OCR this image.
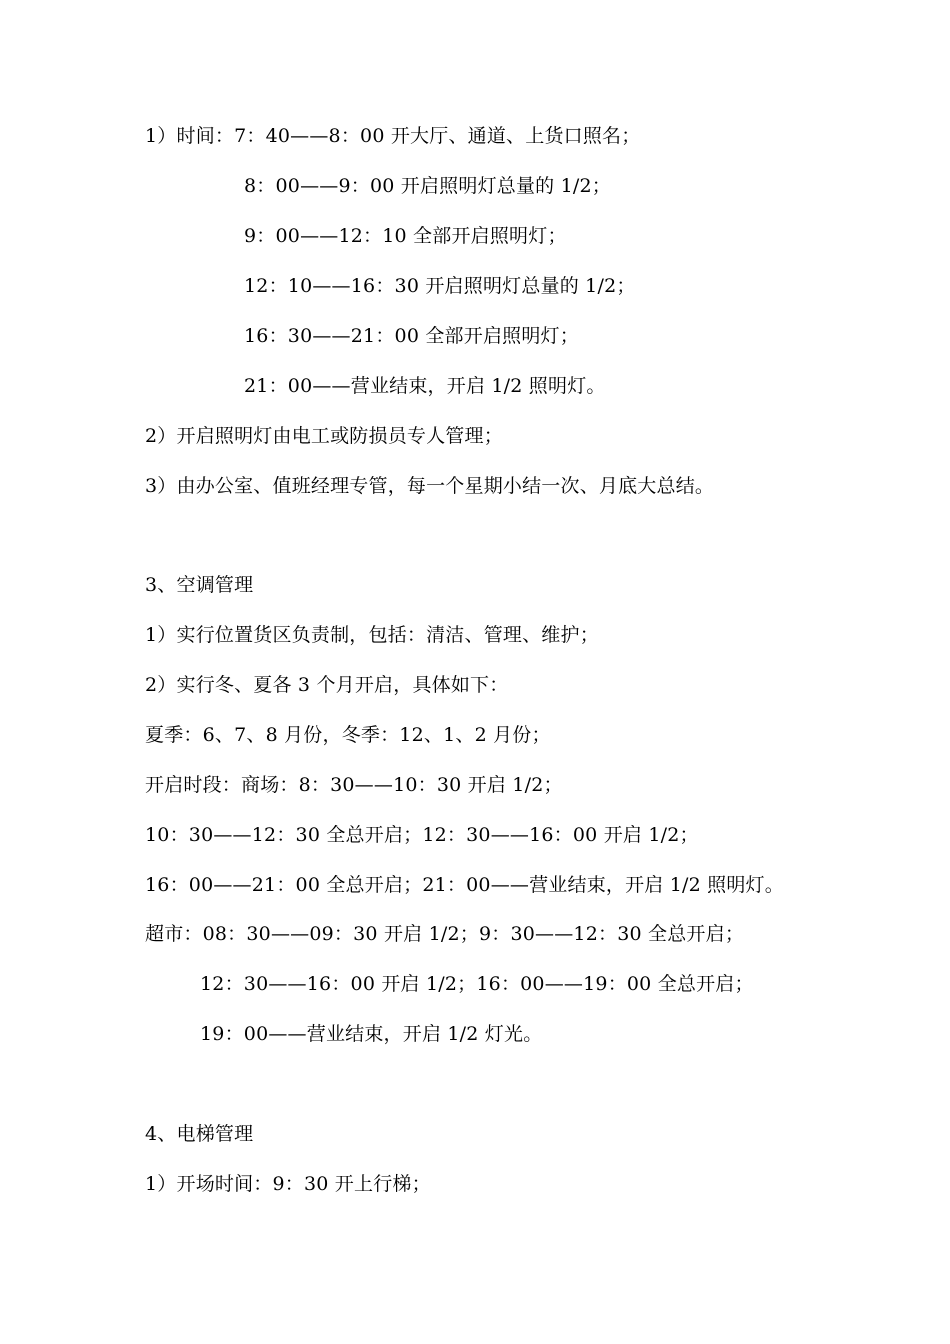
1）时间：7：40——8：00 开大厅、通道、上货口照名；
8：00——9：00 开启照明灯总量的 1/2；
9：00——12：10 全部开启照明灯；
12：10——16：30 开启照明灯总量的 1/2；
16：30——21：00 全部开启照明灯；
21：00——营业结束，开启 1/2 照明灯。
2）开启照明灯由电工或防损员专人管理；
3）由办公室、值班经理专管，每一个星期小结一次、月底大总结。
3、空调管理
1）实行位置货区负责制，包括：清洁、管理、维护；
2）实行冬、夏各 3 个月开启，具体如下：
夏季：6、7、8 月份，冬季：12、1、2 月份；
开启时段：商场：8：30——10：30 开启 1/2；
10：30——12：30 全总开启；12：30——16：00 开启 1/2；
16：00——21：00 全总开启；21：00——营业结束，开启 1/2 照明灯。
超市：08：30——09：30 开启 1/2；9：30——12：30 全总开启；
12：30——16：00 开启 1/2；16：00——19：00 全总开启；
19：00——营业结束，开启 1/2 灯光。
4、电梯管理
1）开场时间：9：30 开上行梯；
